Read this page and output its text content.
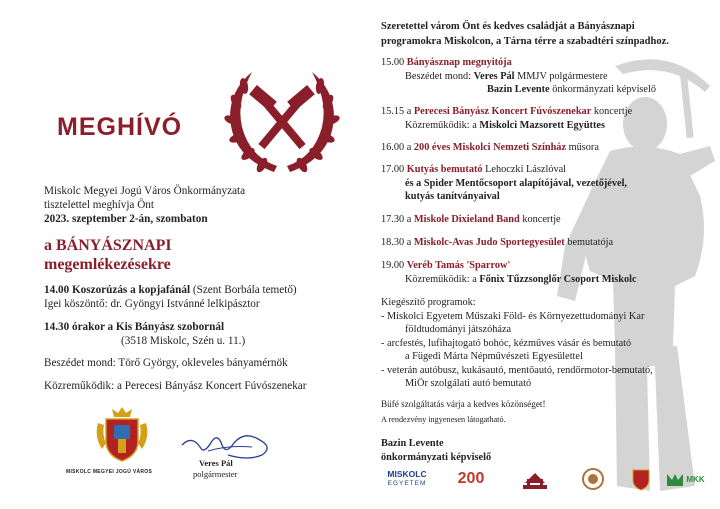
MEGHÍVÓ
Miskolc Megyei Jogú Város Önkormányzata
tisztelettel meghívja Önt
2023. szeptember 2-án, szombaton
a BÁNYÁSZNAPI
megemlékezésekre
14.00 Koszorúzás a kopjafánál (Szent Borbála temető)
Igei köszöntő: dr. Gyöngyi Istvánné lelkipásztor
14.30 órakor a Kis Bányász szobornál
(3518 Miskolc, Szén u. 11.)
Beszédet mond: Törő György, okleveles bányamérnök
Közreműködik: a Perecesi Bányász Koncert Fúvószenekar
MISKOLC MEGYEI JOGÚ VÁROS
Veres Pál
polgármester
Szeretettel várom Önt és kedves családját a Bányásznapi
programokra Miskolcon, a Tárna térre a szabadtéri színpadhoz.
15.00 Bányásznap megnyitója
Beszédet mond: Veres Pál MMJV polgármestere
Bazin Levente önkormányzati képviselő
15.15 a Perecesi Bányász Koncert Fúvószenekar koncertje
Közreműködik: a Miskolci Mazsorett Együttes
16.00 a 200 éves Miskolci Nemzeti Színház műsora
17.00 Kutyás bemutató Lehoczki Lászlóval
és a Spider Mentőcsoport alapítójával, vezetőjével,
kutyás tanítványaival
17.30 a Miskole Dixieland Band koncertje
18.30 a Miskolc-Avas Judo Sportegyesület bemutatója
19.00 Veréb Tamás 'Sparrow'
Közreműködik: a Főnix Tűzzsonglőr Csoport Miskolc
Kiegészítő programok:
- Miskolci Egyetem Műszaki Föld- és Környezettudományi Kar
földtudományi játszóháza
- arcfestés, lufihajtogató bohóc, kézműves vásár és bemutató
a Fügedi Márta Népművészeti Egyesülettel
- veterán autóbusz, kukásautó, mentőautó, rendőrmotor-bemutató,
MiÖr szolgálati autó bemutató
Büfé szolgáltatás várja a kedves közönséget!
A rendezvény ingyenesen látogatható.
Bazin Levente
önkormányzati képviselő
MISKOLC
EGYETEM 200	MKK
